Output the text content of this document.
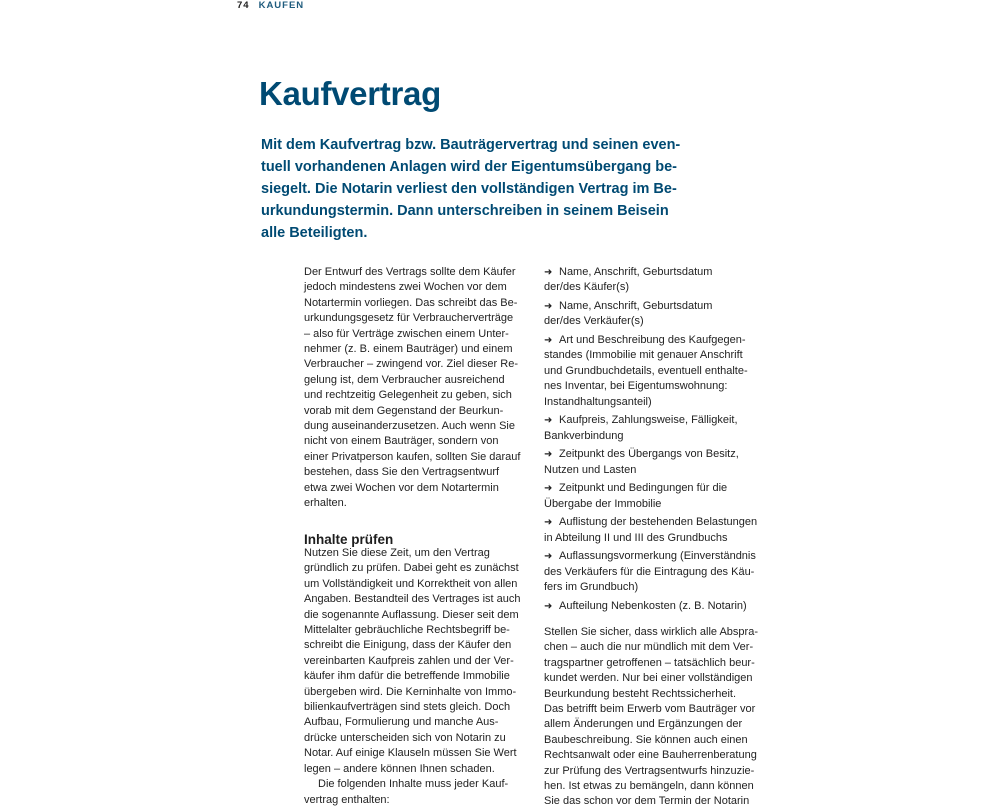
74 KAUFEN
Kaufvertrag
Mit dem Kaufvertrag bzw. Bauträgervertrag und seinen even-
tuell vorhandenen Anlagen wird der Eigentumsübergang be-
siegelt. Die Notarin verliest den vollständigen Vertrag im Be-
urkundungstermin. Dann unterschreiben in seinem Beisein
alle Beteiligten.
Der Entwurf des Vertrags sollte dem Käufer
jedoch mindestens zwei Wochen vor dem
Notartermin vorliegen. Das schreibt das Be-
urkundungsgesetz für Verbraucherverträge
– also für Verträge zwischen einem Unter-
nehmer (z. B. einem Bauträger) und einem
Verbraucher – zwingend vor. Ziel dieser Re-
gelung ist, dem Verbraucher ausreichend
und rechtzeitig Gelegenheit zu geben, sich
vorab mit dem Gegenstand der Beurkun-
dung auseinanderzusetzen. Auch wenn Sie
nicht von einem Bauträger, sondern von
einer Privatperson kaufen, sollten Sie darauf
bestehen, dass Sie den Vertragsentwurf
etwa zwei Wochen vor dem Notartermin
erhalten.
Inhalte prüfen
Nutzen Sie diese Zeit, um den Vertrag
gründlich zu prüfen. Dabei geht es zunächst
um Vollständigkeit und Korrektheit von allen
Angaben. Bestandteil des Vertrages ist auch
die sogenannte Auflassung. Dieser seit dem
Mittelalter gebräuchliche Rechtsbegriff be-
schreibt die Einigung, dass der Käufer den
vereinbarten Kaufpreis zahlen und der Ver-
käufer ihm dafür die betreffende Immobilie
übergeben wird. Die Kerninhalte von Immo-
bilienkaufverträgen sind stets gleich. Doch
Aufbau, Formulierung und manche Aus-
drücke unterscheiden sich von Notarin zu
Notar. Auf einige Klauseln müssen Sie Wert
legen – andere können Ihnen schaden.
Die folgenden Inhalte muss jeder Kauf-
vertrag enthalten:
➜ Name, Anschrift, Geburtsdatum
der/des Käufer(s)
➜ Name, Anschrift, Geburtsdatum
der/des Verkäufer(s)
➜ Art und Beschreibung des Kaufgegen-
standes (Immobilie mit genauer Anschrift
und Grundbuchdetails, eventuell enthalte-
nes Inventar, bei Eigentumswohnung:
Instandhaltungsanteil)
➜ Kaufpreis, Zahlungsweise, Fälligkeit,
Bankverbindung
➜ Zeitpunkt des Übergangs von Besitz,
Nutzen und Lasten
➜ Zeitpunkt und Bedingungen für die
Übergabe der Immobilie
➜ Auflistung der bestehenden Belastungen
in Abteilung II und III des Grundbuchs
➜ Auflassungsvormerkung (Einverständnis
des Verkäufers für die Eintragung des Käu-
fers im Grundbuch)
➜ Aufteilung Nebenkosten (z. B. Notarin)
Stellen Sie sicher, dass wirklich alle Abspra-
chen – auch die nur mündlich mit dem Ver-
tragspartner getroffenen – tatsächlich beur-
kundet werden. Nur bei einer vollständigen
Beurkundung besteht Rechtssicherheit.
Das betrifft beim Erwerb vom Bauträger vor
allem Änderungen und Ergänzungen der
Baubeschreibung. Sie können auch einen
Rechtsanwalt oder eine Bauherrenberatung
zur Prüfung des Vertragsentwurfs hinzuzie-
hen. Ist etwas zu bemängeln, dann können
Sie das schon vor dem Termin der Notarin
